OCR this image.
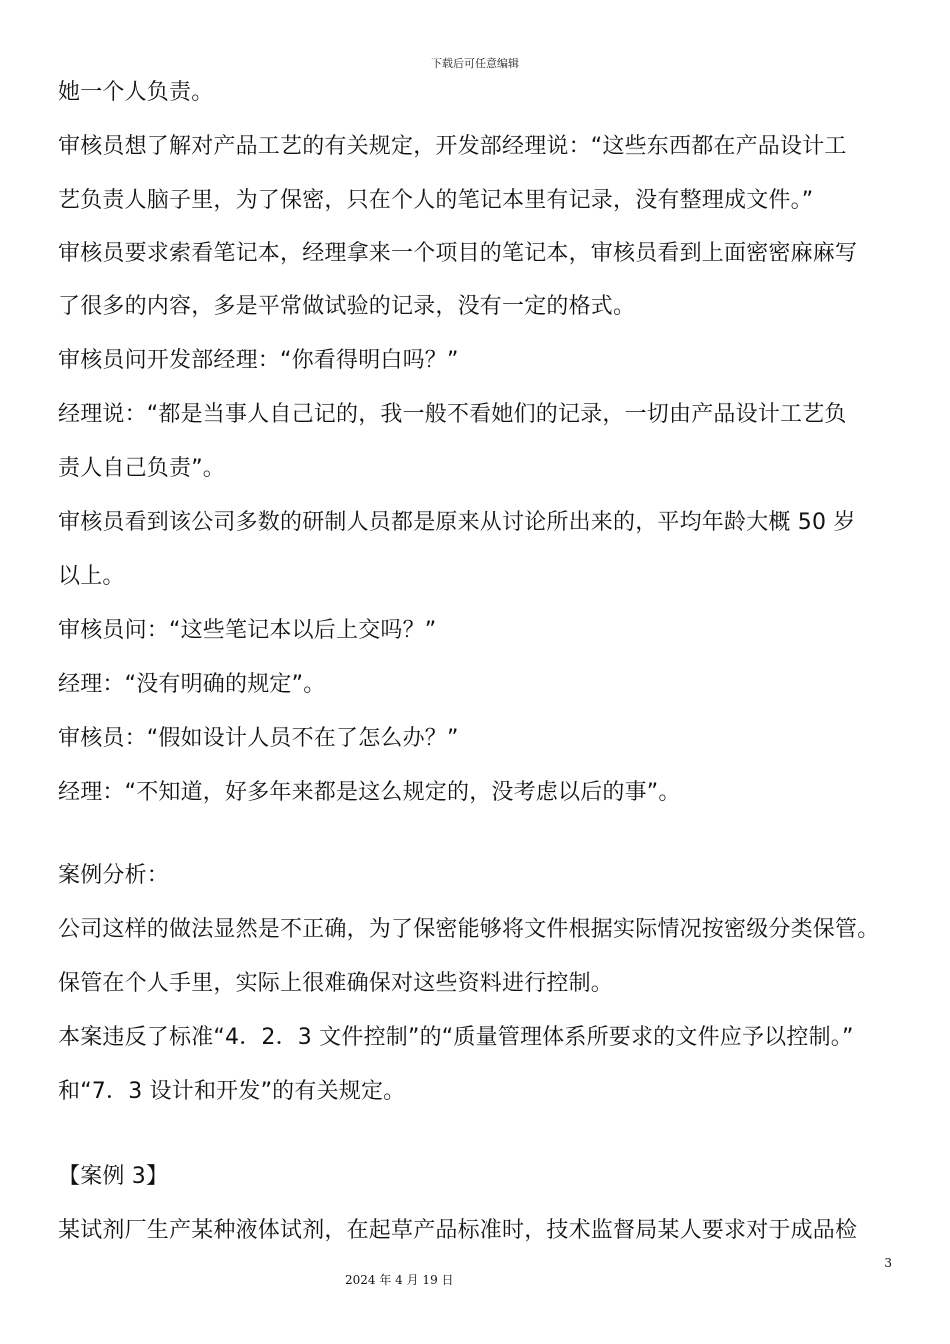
下载后可任意编辑
她一个人负责。
审核员想了解对产品工艺的有关规定，开发部经理说：“这些东西都在产品设计工
艺负责人脑子里，为了保密，只在个人的笔记本里有记录，没有整理成文件。”
审核员要求索看笔记本，经理拿来一个项目的笔记本，审核员看到上面密密麻麻写
了很多的内容，多是平常做试验的记录，没有一定的格式。
审核员问开发部经理：“你看得明白吗？”
经理说：“都是当事人自己记的，我一般不看她们的记录，一切由产品设计工艺负
责人自己负责”。
审核员看到该公司多数的研制人员都是原来从讨论所出来的，平均年龄大概 50 岁
以上。
审核员问：“这些笔记本以后上交吗？”
经理：“没有明确的规定”。
审核员：“假如设计人员不在了怎么办？”
经理：“不知道，好多年来都是这么规定的，没考虑以后的事”。
案例分析：
公司这样的做法显然是不正确，为了保密能够将文件根据实际情况按密级分类保管。
保管在个人手里，实际上很难确保对这些资料进行控制。
本案违反了标准“4．2．3 文件控制”的“质量管理体系所要求的文件应予以控制。”
和“7．3 设计和开发”的有关规定。
【案例 3】
某试剂厂生产某种液体试剂，在起草产品标准时，技术监督局某人要求对于成品检
3
2024 年 4 月 19 日
